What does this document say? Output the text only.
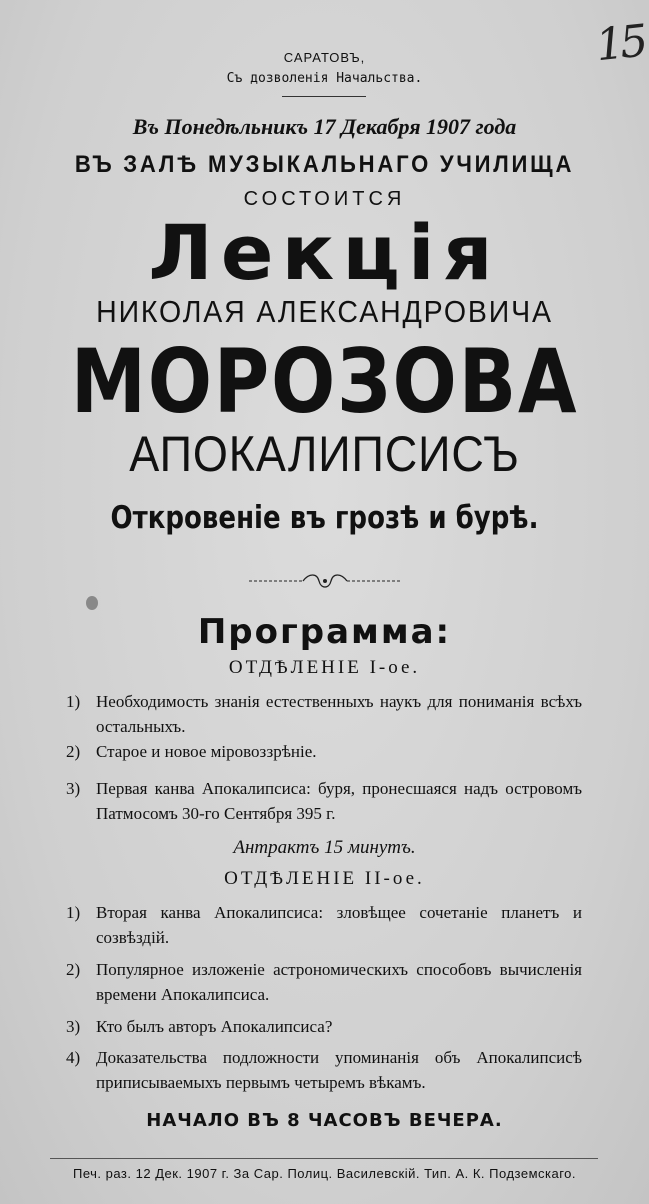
15
САРАТОВЪ,
Съ дозволенія Начальства.
Въ Понедѣльникъ 17 Декабря 1907 года
ВЪ ЗАЛѢ МУЗЫКАЛЬНАГО УЧИЛИЩА
СОСТОИТСЯ
Лекція
НИКОЛАЯ АЛЕКСАНДРОВИЧА
МОРОЗОВА
АПОКАЛИПСИСЪ
Откровеніе въ грозѣ и бурѣ.
Программа:
ОТДѢЛЕНІЕ І-ое.
1) Необходимость знанія естественныхъ наукъ для пониманія всѣхъ остальныхъ.
2) Старое и новое міровоззрѣніе.
3) Первая канва Апокалипсиса: буря, пронесшаяся надъ островомъ Патмосомъ 30-го Сентября 395 г.
Антрактъ 15 минутъ.
ОТДѢЛЕНІЕ ІІ-ое.
1) Вторая канва Апокалипсиса: зловѣщее сочетаніе планетъ и созвѣздій.
2) Популярное изложеніе астрономическихъ способовъ вычисленія времени Апокалипсиса.
3) Кто былъ авторъ Апокалипсиса?
4) Доказательства подложности упоминанія объ Апокалипсисѣ приписываемыхъ первымъ четыремъ вѣкамъ.
НАЧАЛО ВЪ 8 ЧАСОВЪ ВЕЧЕРА.
Печ. раз. 12 Дек. 1907 г. За Сар. Полиц. Василевскій. Тип. А. К. Подземскаго.
